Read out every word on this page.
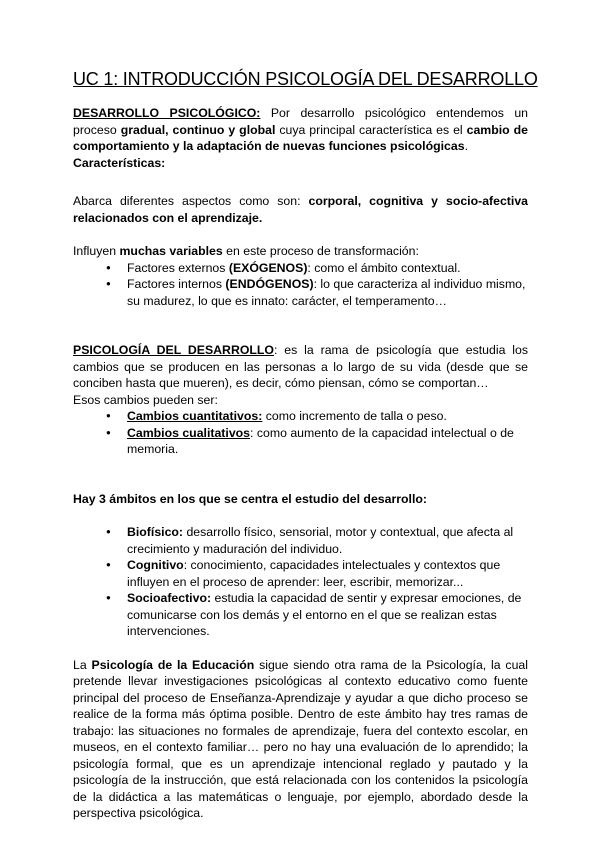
UC 1: INTRODUCCIÓN PSICOLOGÍA DEL DESARROLLO

DESARROLLO PSICOLÓGICO: Por desarrollo psicológico entendemos un proceso gradual, continuo y global cuya principal característica es el cambio de comportamiento y la adaptación de nuevas funciones psicológicas.

Características:

Abarca diferentes aspectos como son: corporal, cognitiva y socio-afectiva relacionados con el aprendizaje.

Influyen muchas variables en este proceso de transformación:

● Factores externos (EXÓGENOS): como el ámbito contextual.
● Factores internos (ENDÓGENOS): lo que caracteriza al individuo mismo, su madurez, lo que es innato: carácter, el temperamento…

PSICOLOGÍA DEL DESARROLLO: es la rama de psicología que estudia los cambios que se producen en las personas a lo largo de su vida (desde que se conciben hasta que mueren), es decir, cómo piensan, cómo se comportan…

Esos cambios pueden ser:

● Cambios cuantitativos: como incremento de talla o peso.
● Cambios cualitativos: como aumento de la capacidad intelectual o de memoria.

Hay 3 ámbitos en los que se centra el estudio del desarrollo:

● Biofísico: desarrollo físico, sensorial, motor y contextual, que afecta al crecimiento y maduración del individuo.
● Cognitivo: conocimiento, capacidades intelectuales y contextos que influyen en el proceso de aprender: leer, escribir, memorizar...
● Socioafectivo: estudia la capacidad de sentir y expresar emociones, de comunicarse con los demás y el entorno en el que se realizan estas intervenciones.

La Psicología de la Educación sigue siendo otra rama de la Psicología, la cual pretende llevar investigaciones psicológicas al contexto educativo como fuente principal del proceso de Enseñanza-Aprendizaje y ayudar a que dicho proceso se realice de la forma más óptima posible. Dentro de este ámbito hay tres ramas de trabajo: las situaciones no formales de aprendizaje, fuera del contexto escolar, en museos, en el contexto familiar… pero no hay una evaluación de lo aprendido; la psicología formal, que es un aprendizaje intencional reglado y pautado y la psicología de la instrucción, que está relacionada con los contenidos la psicología de la didáctica a las matemáticas o lenguaje, por ejemplo, abordado desde la perspectiva psicológica.
